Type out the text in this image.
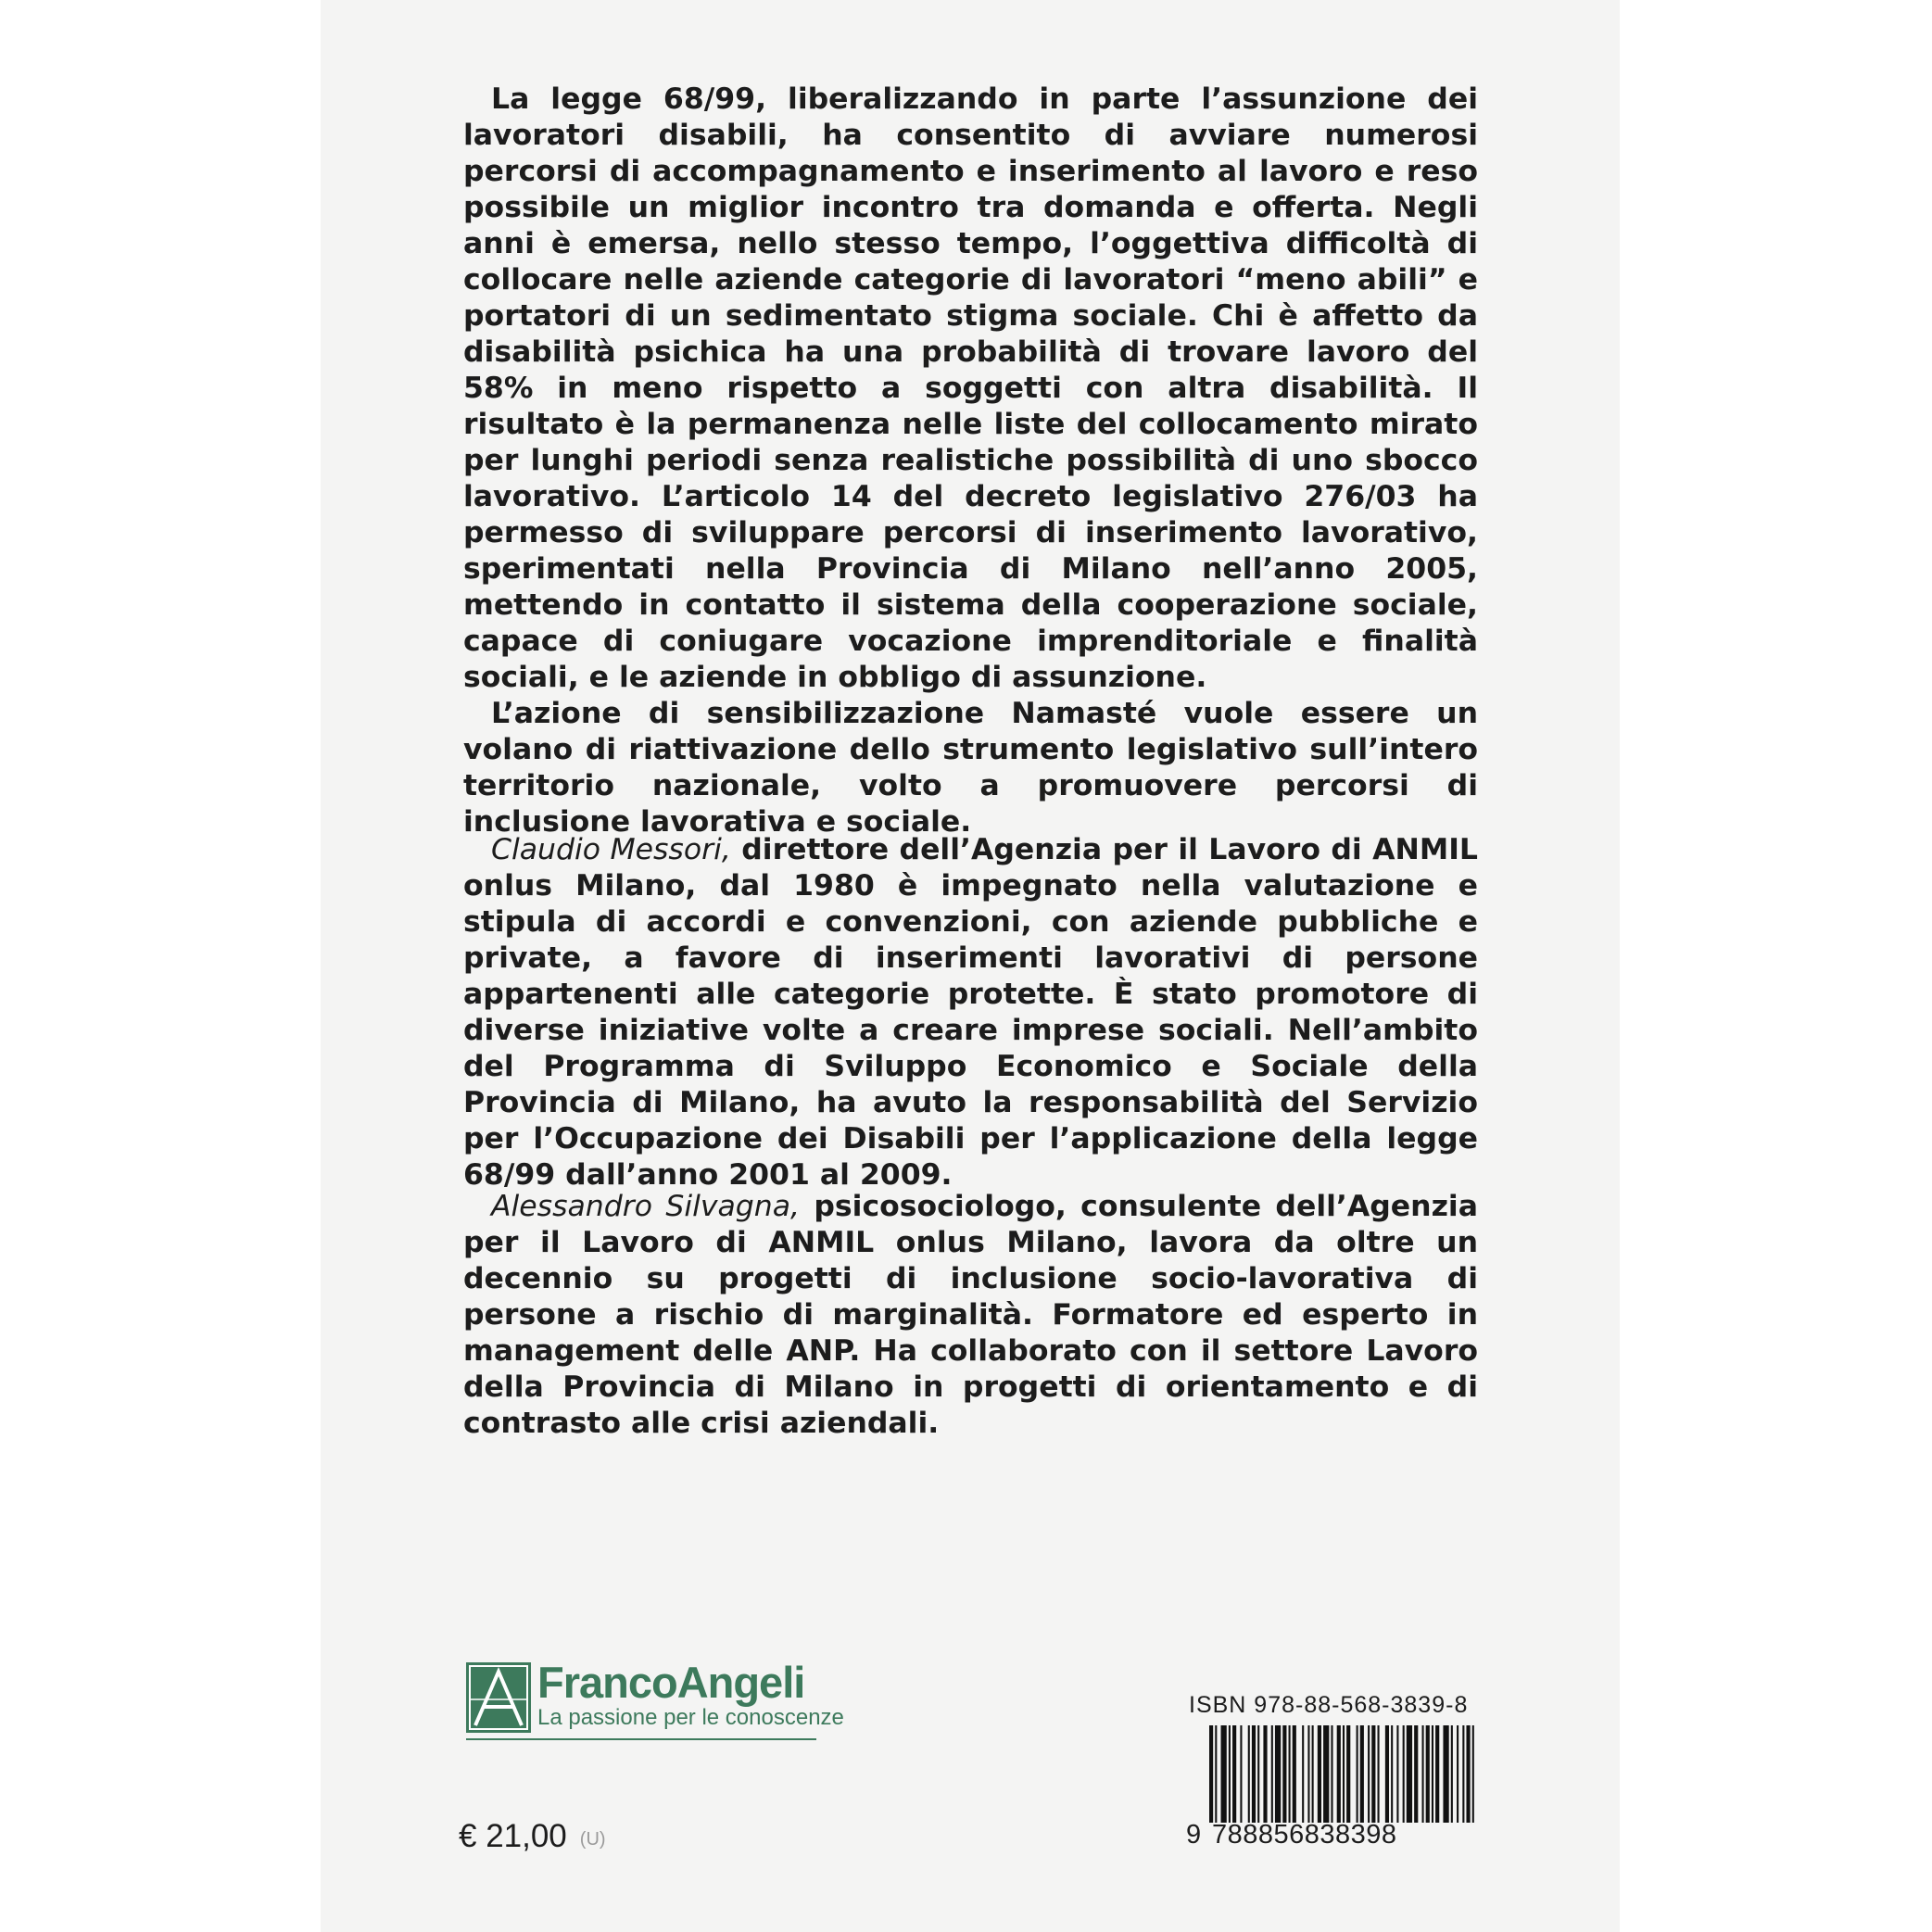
La legge 68/99, liberalizzando in parte l’assunzione dei lavoratori disabili, ha consentito di avviare numerosi percorsi di accompagnamento e inserimento al lavoro e reso possibile un miglior incontro tra domanda e offerta. Negli anni è emersa, nello stesso tempo, l’oggettiva difficoltà di collocare nelle aziende categorie di lavoratori “meno abili” e portatori di un sedimentato stigma sociale. Chi è affetto da disabilità psichica ha una probabilità di trovare lavoro del 58% in meno rispetto a soggetti con altra disabilità. Il risultato è la permanenza nelle liste del collocamento mirato per lunghi periodi senza realistiche possibilità di uno sbocco lavorativo. L’articolo 14 del decreto legislativo 276/03 ha permesso di sviluppare percorsi di inserimento lavorativo, sperimentati nella Provincia di Milano nell’anno 2005, mettendo in contatto il sistema della cooperazione sociale, capace di coniugare vocazione imprenditoriale e finalità sociali, e le aziende in obbligo di assunzione.

L’azione di sensibilizzazione Namasté vuole essere un volano di riattivazione dello strumento legislativo sull’intero territorio nazionale, volto a promuovere percorsi di inclusione lavorativa e sociale.

Claudio Messori, direttore dell’Agenzia per il Lavoro di ANMIL onlus Milano, dal 1980 è impegnato nella valutazione e stipula di accordi e convenzioni, con aziende pubbliche e private, a favore di inserimenti lavorativi di persone appartenenti alle categorie protette. È stato promotore di diverse iniziative volte a creare imprese sociali. Nell’ambito del Programma di Sviluppo Economico e Sociale della Provincia di Milano, ha avuto la responsabilità del Servizio per l’Occupazione dei Disabili per l’applicazione della legge 68/99 dall’anno 2001 al 2009.

Alessandro Silvagna, psicosociologo, consulente dell’Agenzia per il Lavoro di ANMIL onlus Milano, lavora da oltre un decennio su progetti di inclusione socio-lavorativa di persone a rischio di marginalità. Formatore ed esperto in management delle ANP. Ha collaborato con il settore Lavoro della Provincia di Milano in progetti di orientamento e di contrasto alle crisi aziendali.

FrancoAngeli
La passione per le conoscenze
€ 21,00 (U)
ISBN 978-88-568-3839-8
9 788856838398
